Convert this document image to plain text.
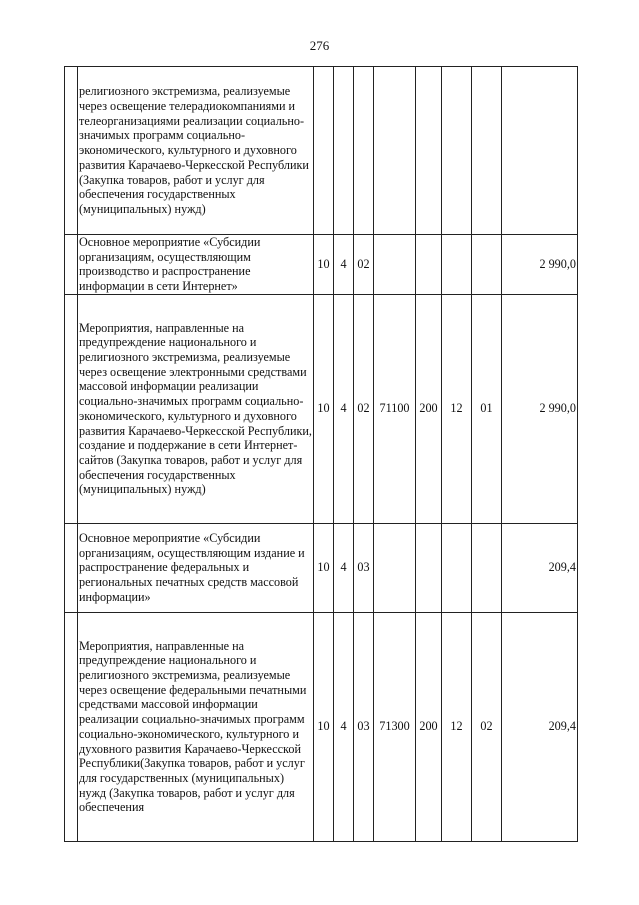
276
	религиозного экстремизма, реализуемые через освещение телерадиокомпаниями и телеорганизациями реализации социально-значимых программ социально-экономического, культурного и духовного развития Карачаево-Черкесской Республики (Закупка товаров, работ и услуг для обеспечения государственных (муниципальных) нужд)								
	Основное мероприятие «Субсидии организациям, осуществляющим производство и распространение информации в сети Интернет»	10	4	02					2 990,0
	Мероприятия, направленные на предупреждение национального и религиозного экстремизма, реализуемые через освещение электронными средствами массовой информации реализации социально-значимых программ социально-экономического, культурного и духовного развития Карачаево-Черкесской Республики, создание и поддержание в сети Интернет-сайтов (Закупка товаров, работ и услуг для обеспечения государственных (муниципальных) нужд)	10	4	02	71100	200	12	01	2 990,0
	Основное мероприятие «Субсидии организациям, осуществляющим издание и распространение федеральных и региональных печатных средств массовой информации»	10	4	03					209,4
	Мероприятия, направленные на предупреждение национального и религиозного экстремизма, реализуемые через освещение федеральными печатными средствами массовой информации реализации социально-значимых программ социально-экономического, культурного и духовного развития Карачаево-Черкесской Республики(Закупка товаров, работ и услуг для государственных (муниципальных) нужд (Закупка товаров, работ и услуг для обеспечения	10	4	03	71300	200	12	02	209,4
